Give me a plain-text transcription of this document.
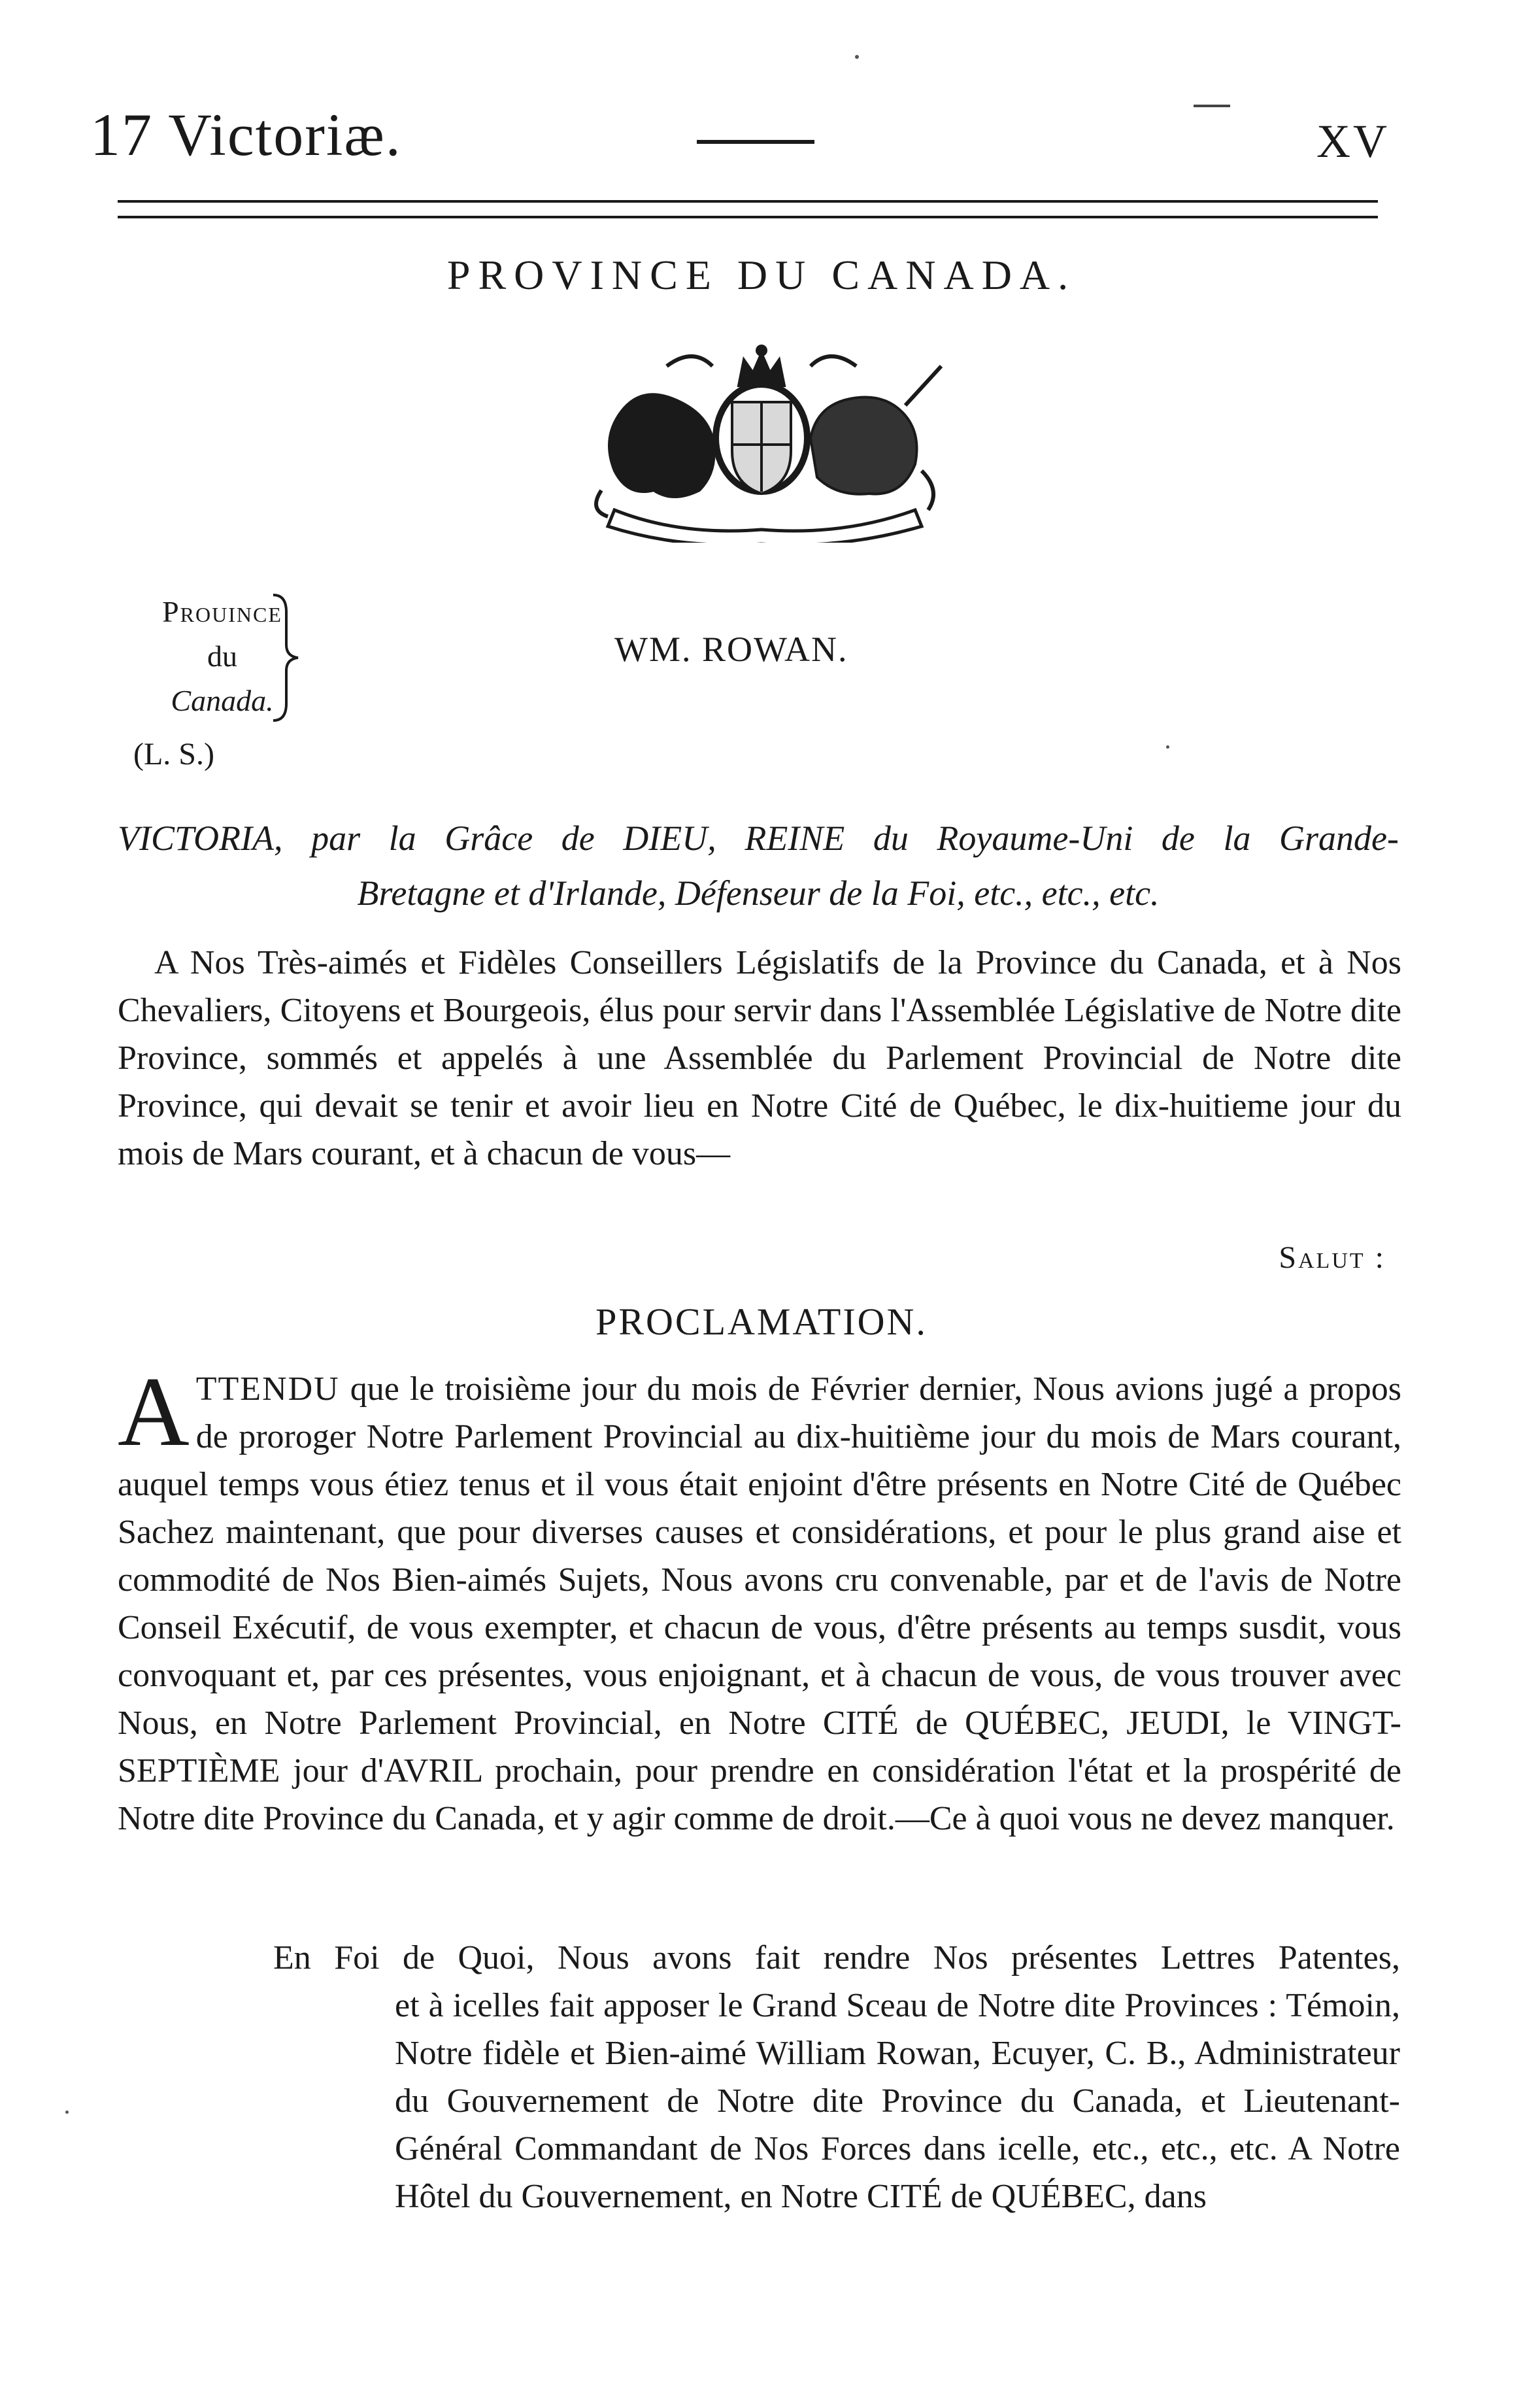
17 Victoriæ.	XV
PROVINCE DU CANADA.
Prouince
du
Canada.
WM. ROWAN.
(L. S.)
VICTORIA, par la Grâce de DIEU, REINE du Royaume-Uni de la Grande-
Bretagne et d'Irlande, Défenseur de la Foi, etc., etc., etc.
A Nos Très-aimés et Fidèles Conseillers Législatifs de la Province du Canada, et à Nos Chevaliers, Citoyens et Bourgeois, élus pour servir dans l'Assemblée Législative de Notre dite Province, sommés et appelés à une Assemblée du Parlement Provincial de Notre dite Province, qui devait se tenir et avoir lieu en Notre Cité de Québec, le dix-huitieme jour du mois de Mars courant, et à chacun de vous—
Salut :
PROCLAMATION.
ATTENDU que le troisième jour du mois de Février dernier, Nous avions jugé a propos de proroger Notre Parlement Provincial au dix-huitième jour du mois de Mars courant, auquel temps vous étiez tenus et il vous était enjoint d'être présents en Notre Cité de Québec Sachez maintenant, que pour diverses causes et considérations, et pour le plus grand aise et commodité de Nos Bien-aimés Sujets, Nous avons cru convenable, par et de l'avis de Notre Conseil Exécutif, de vous exempter, et chacun de vous, d'être présents au temps susdit, vous convoquant et, par ces présentes, vous enjoignant, et à chacun de vous, de vous trouver avec Nous, en Notre Parlement Provincial, en Notre CITÉ de QUÉBEC, JEUDI, le VINGT-SEPTIÈME jour d'AVRIL prochain, pour prendre en considération l'état et la prospérité de Notre dite Province du Canada, et y agir comme de droit.—Ce à quoi vous ne devez manquer.
En Foi de Quoi, Nous avons fait rendre Nos présentes Lettres Patentes,
et à icelles fait apposer le Grand Sceau de Notre dite Provinces : Témoin, Notre fidèle et Bien-aimé William Rowan, Ecuyer, C. B., Administrateur du Gouvernement de Notre dite Province du Canada, et Lieutenant-Général Commandant de Nos Forces dans icelle, etc., etc., etc. A Notre Hôtel du Gouvernement, en Notre CITÉ de QUÉBEC, dans
